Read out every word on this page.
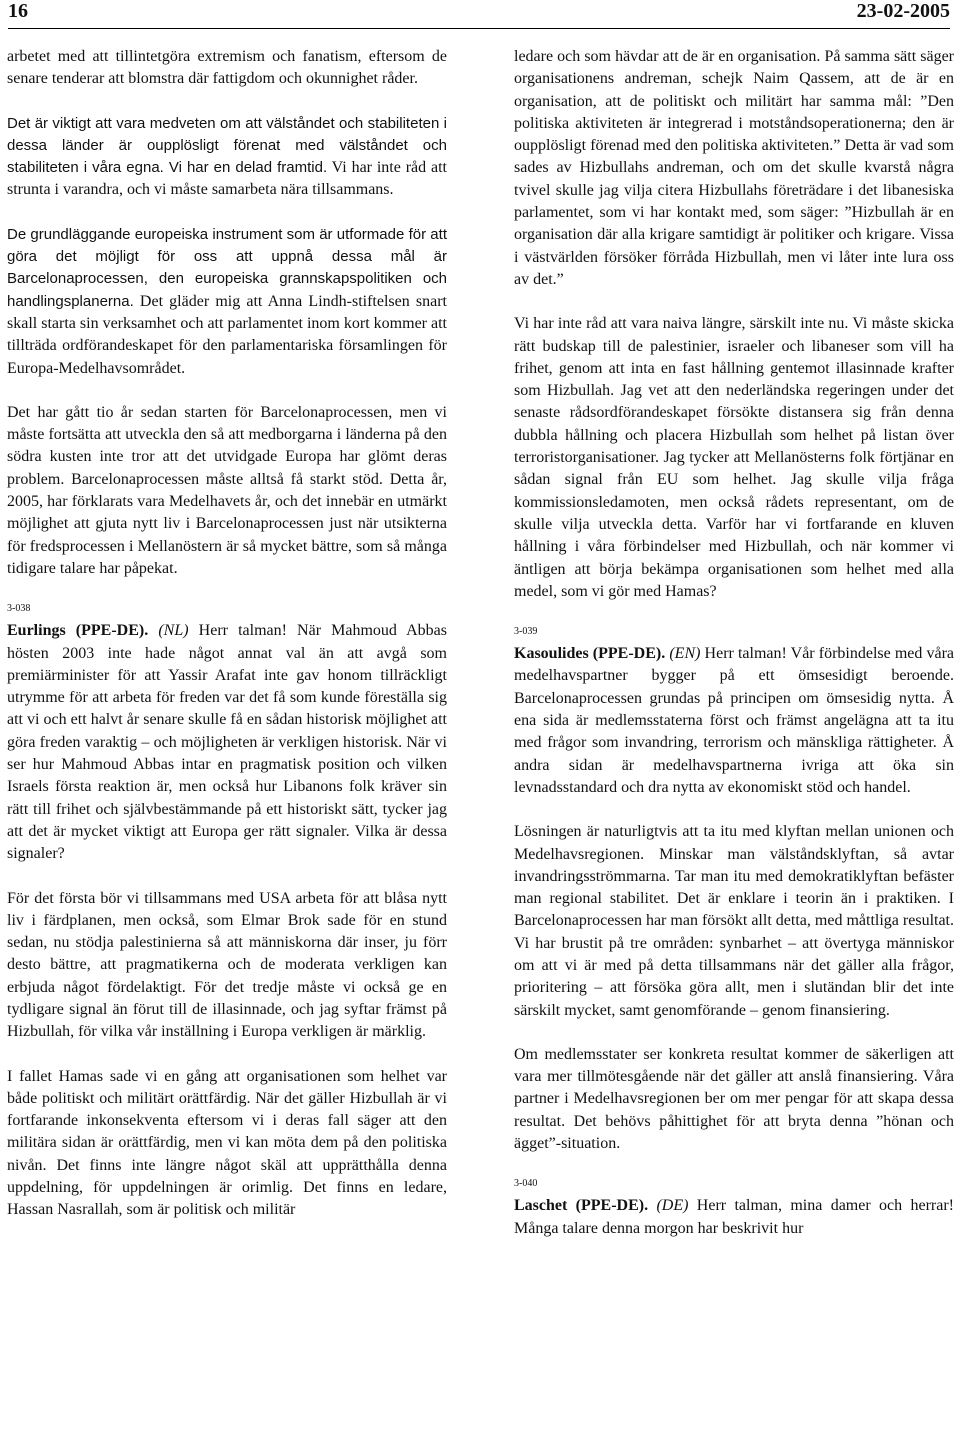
16	23-02-2005

arbetet med att tillintetgöra extremism och fanatism, eftersom de senare tenderar att blomstra där fattigdom och okunnighet råder.

Det är viktigt att vara medveten om att välståndet och stabiliteten i dessa länder är oupplösligt förenat med välståndet och stabiliteten i våra egna. Vi har en delad framtid. Vi har inte råd att strunta i varandra, och vi måste samarbeta nära tillsammans.

De grundläggande europeiska instrument som är utformade för att göra det möjligt för oss att uppnå dessa mål är Barcelonaprocessen, den europeiska grannskapspolitiken och handlingsplanerna. Det gläder mig att Anna Lindh-stiftelsen snart skall starta sin verksamhet och att parlamentet inom kort kommer att tillträda ordförandeskapet för den parlamentariska församlingen för Europa-Medelhavsområdet.

Det har gått tio år sedan starten för Barcelonaprocessen, men vi måste fortsätta att utveckla den så att medborgarna i länderna på den södra kusten inte tror att det utvidgade Europa har glömt deras problem. Barcelonaprocessen måste alltså få starkt stöd. Detta år, 2005, har förklarats vara Medelhavets år, och det innebär en utmärkt möjlighet att gjuta nytt liv i Barcelonaprocessen just när utsikterna för fredsprocessen i Mellanöstern är så mycket bättre, som så många tidigare talare har påpekat.

3-038

Eurlings (PPE-DE). (NL) Herr talman! När Mahmoud Abbas hösten 2003 inte hade något annat val än att avgå som premiärminister för att Yassir Arafat inte gav honom tillräckligt utrymme för att arbeta för freden var det få som kunde föreställa sig att vi och ett halvt år senare skulle få en sådan historisk möjlighet att göra freden varaktig – och möjligheten är verkligen historisk. När vi ser hur Mahmoud Abbas intar en pragmatisk position och vilken Israels första reaktion är, men också hur Libanons folk kräver sin rätt till frihet och självbestämmande på ett historiskt sätt, tycker jag att det är mycket viktigt att Europa ger rätt signaler. Vilka är dessa signaler?

För det första bör vi tillsammans med USA arbeta för att blåsa nytt liv i färdplanen, men också, som Elmar Brok sade för en stund sedan, nu stödja palestinierna så att människorna där inser, ju förr desto bättre, att pragmatikerna och de moderata verkligen kan erbjuda något fördelaktigt. För det tredje måste vi också ge en tydligare signal än förut till de illasinnade, och jag syftar främst på Hizbullah, för vilka vår inställning i Europa verkligen är märklig.

I fallet Hamas sade vi en gång att organisationen som helhet var både politiskt och militärt orättfärdig. När det gäller Hizbullah är vi fortfarande inkonsekventa eftersom vi i deras fall säger att den militära sidan är orättfärdig, men vi kan möta dem på den politiska nivån. Det finns inte längre något skäl att upprätthålla denna uppdelning, för uppdelningen är orimlig. Det finns en ledare, Hassan Nasrallah, som är politisk och militär

ledare och som hävdar att de är en organisation. På samma sätt säger organisationens andreman, schejk Naim Qassem, att de är en organisation, att de politiskt och militärt har samma mål: ”Den politiska aktiviteten är integrerad i motståndsoperationerna; den är oupplösligt förenad med den politiska aktiviteten.” Detta är vad som sades av Hizbullahs andreman, och om det skulle kvarstå några tvivel skulle jag vilja citera Hizbullahs företrädare i det libanesiska parlamentet, som vi har kontakt med, som säger: ”Hizbullah är en organisation där alla krigare samtidigt är politiker och krigare. Vissa i västvärlden försöker förråda Hizbullah, men vi låter inte lura oss av det.”

Vi har inte råd att vara naiva längre, särskilt inte nu. Vi måste skicka rätt budskap till de palestinier, israeler och libaneser som vill ha frihet, genom att inta en fast hållning gentemot illasinnade krafter som Hizbullah. Jag vet att den nederländska regeringen under det senaste rådsordförandeskapet försökte distansera sig från denna dubbla hållning och placera Hizbullah som helhet på listan över terroristorganisationer. Jag tycker att Mellanösterns folk förtjänar en sådan signal från EU som helhet. Jag skulle vilja fråga kommissionsledamoten, men också rådets representant, om de skulle vilja utveckla detta. Varför har vi fortfarande en kluven hållning i våra förbindelser med Hizbullah, och när kommer vi äntligen att börja bekämpa organisationen som helhet med alla medel, som vi gör med Hamas?

3-039

Kasoulides (PPE-DE). (EN) Herr talman! Vår förbindelse med våra medelhavspartner bygger på ett ömsesidigt beroende. Barcelonaprocessen grundas på principen om ömsesidig nytta. Å ena sida är medlemsstaterna först och främst angelägna att ta itu med frågor som invandring, terrorism och mänskliga rättigheter. Å andra sidan är medelhavspartnerna ivriga att öka sin levnadsstandard och dra nytta av ekonomiskt stöd och handel.

Lösningen är naturligtvis att ta itu med klyftan mellan unionen och Medelhavsregionen. Minskar man välståndsklyftan, så avtar invandringsströmmarna. Tar man itu med demokratiklyftan befäster man regional stabilitet. Det är enklare i teorin än i praktiken. I Barcelonaprocessen har man försökt allt detta, med måttliga resultat. Vi har brustit på tre områden: synbarhet – att övertyga människor om att vi är med på detta tillsammans när det gäller alla frågor, prioritering – att försöka göra allt, men i slutändan blir det inte särskilt mycket, samt genomförande – genom finansiering.

Om medlemsstater ser konkreta resultat kommer de säkerligen att vara mer tillmötesgående när det gäller att anslå finansiering. Våra partner i Medelhavsregionen ber om mer pengar för att skapa dessa resultat. Det behövs påhittighet för att bryta denna ”hönan och ägget”-situation.

3-040

Laschet (PPE-DE). (DE) Herr talman, mina damer och herrar! Många talare denna morgon har beskrivit hur
